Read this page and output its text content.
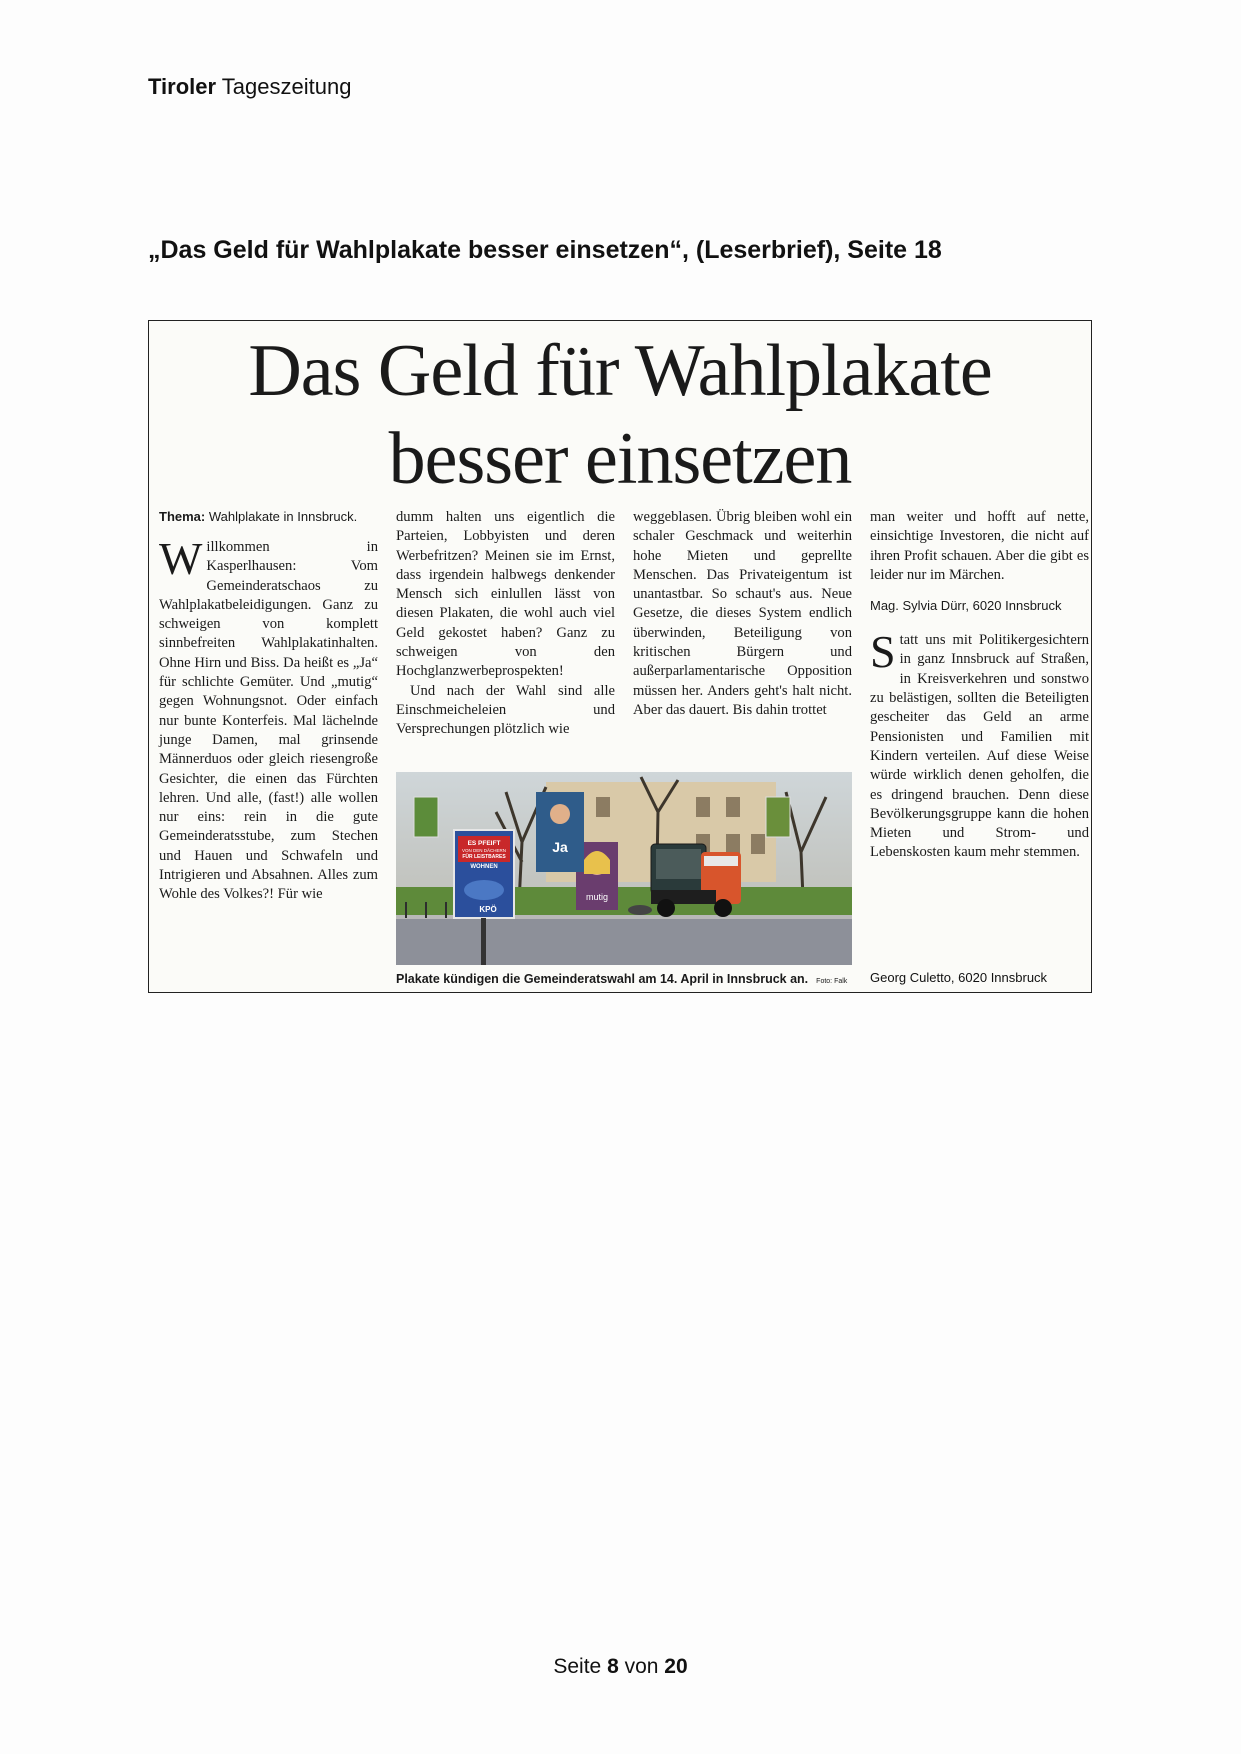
Tiroler Tageszeitung
„Das Geld für Wahlplakate besser einsetzen“, (Leserbrief), Seite 18
Das Geld für Wahlplakate
besser einsetzen

Thema: Wahlplakate in Innsbruck.

Willkommen in Kasperlhausen: Vom Gemeinderatschaos zu Wahlplakatbeleidigungen. Ganz zu schweigen von komplett sinnbefreiten Wahlplakatinhalten. Ohne Hirn und Biss. Da heißt es „Ja“ für schlichte Gemüter. Und „mutig“ gegen Wohnungsnot. Oder einfach nur bunte Konterfeis. Mal lächelnde junge Damen, mal grinsende Männerduos oder gleich riesengroße Gesichter, die einen das Fürchten lehren. Und alle, (fast!) alle wollen nur eins: rein in die gute Gemeinderatsstube, zum Stechen und Hauen und Schwafeln und Intrigieren und Absahnen. Alles zum Wohle des Volkes?! Für wie

dumm halten uns eigentlich die Parteien, Lobbyisten und deren Werbefritzen? Meinen sie im Ernst, dass irgendein halbwegs denkender Mensch sich einlullen lässt von diesen Plakaten, die wohl auch viel Geld gekostet haben? Ganz zu schweigen von den Hochglanzwerbeprospekten!

Und nach der Wahl sind alle Einschmeicheleien und Versprechungen plötzlich wie

weggeblasen. Übrig bleiben wohl ein schaler Geschmack und weiterhin hohe Mieten und geprellte Menschen. Das Privateigentum ist unantastbar. So schaut's aus. Neue Gesetze, die dieses System endlich überwinden, Beteiligung von kritischen Bürgern und außerparlamentarische Opposition müssen her. Anders geht's halt nicht. Aber das dauert. Bis dahin trottet

man weiter und hofft auf nette, einsichtige Investoren, die nicht auf ihren Profit schauen. Aber die gibt es leider nur im Märchen.

Mag. Sylvia Dürr, 6020 Innsbruck

Statt uns mit Politikergesichtern in ganz Innsbruck auf Straßen, in Kreisverkehren und sonstwo zu belästigen, sollten die Beteiligten gescheiter das Geld an arme Pensionisten und Familien mit Kindern verteilen. Auf diese Weise würde wirklich denen geholfen, die es dringend brauchen. Denn diese Bevölkerungsgruppe kann die hohen Mieten und Strom- und Lebenskosten kaum mehr stemmen.

ES PFEIFT
VON DEN DÄCHERN
FÜR LEISTBARES
WOHNEN
KPÖ
mutig
Ja
Plakate kündigen die Gemeinderatswahl am 14. April in Innsbruck an. Foto: Falk	Georg Culetto, 6020 Innsbruck
Seite 8 von 20
